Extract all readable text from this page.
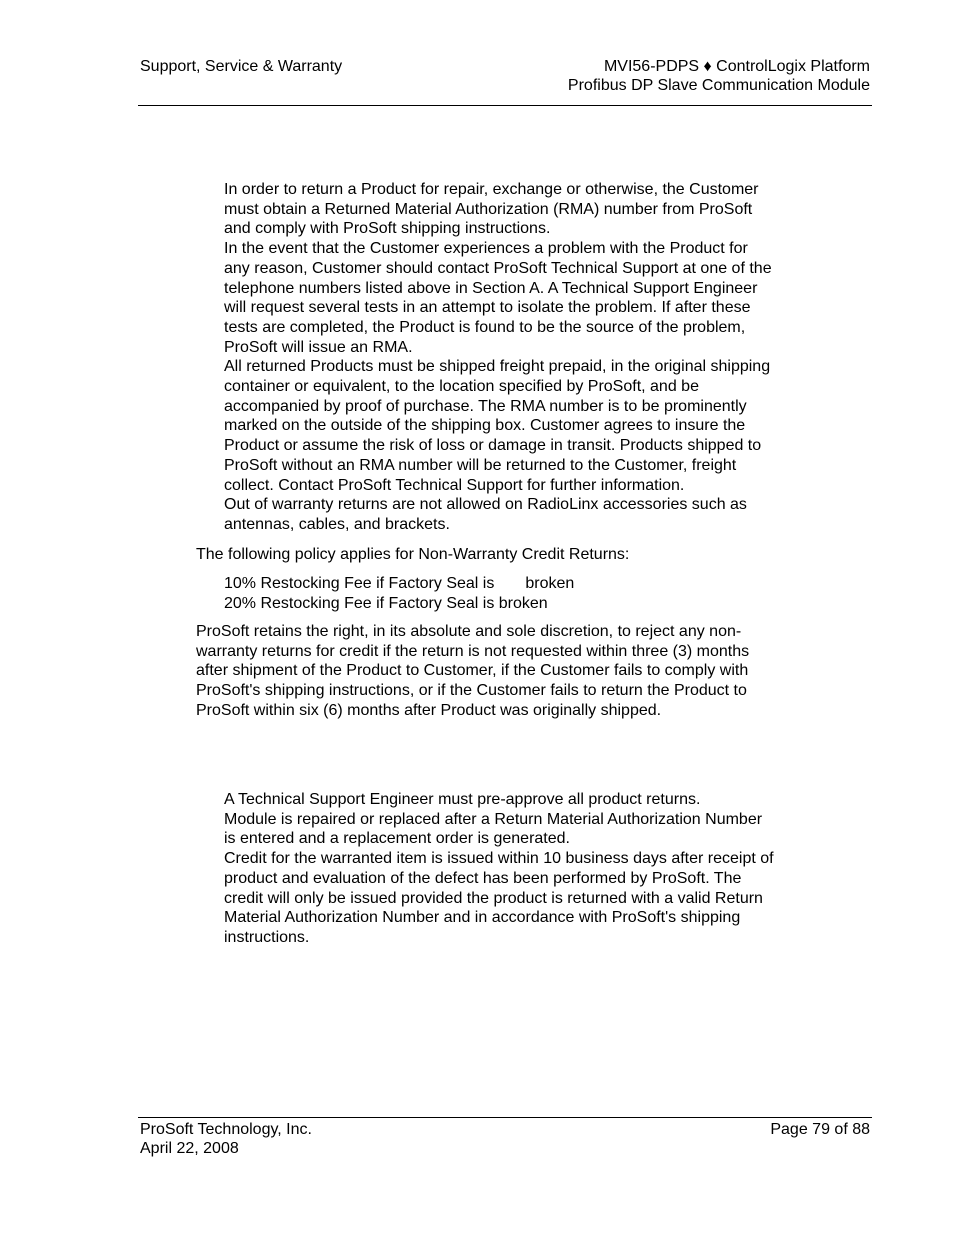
Support, Service & Warranty	MVI56-PDPS ♦ ControlLogix Platform
Profibus DP Slave Communication Module
In order to return a Product for repair, exchange or otherwise, the Customer
must obtain a Returned Material Authorization (RMA) number from ProSoft
and comply with ProSoft shipping instructions.
In the event that the Customer experiences a problem with the Product for
any reason, Customer should contact ProSoft Technical Support at one of the
telephone numbers listed above in Section A. A Technical Support Engineer
will request several tests in an attempt to isolate the problem. If after these
tests are completed, the Product is found to be the source of the problem,
ProSoft will issue an RMA.
All returned Products must be shipped freight prepaid, in the original shipping
container or equivalent, to the location specified by ProSoft, and be
accompanied by proof of purchase. The RMA number is to be prominently
marked on the outside of the shipping box. Customer agrees to insure the
Product or assume the risk of loss or damage in transit. Products shipped to
ProSoft without an RMA number will be returned to the Customer, freight
collect. Contact ProSoft Technical Support for further information.
Out of warranty returns are not allowed on RadioLinx accessories such as
antennas, cables, and brackets.
The following policy applies for Non-Warranty Credit Returns:
10% Restocking Fee if Factory Seal is broken
20% Restocking Fee if Factory Seal is broken
ProSoft retains the right, in its absolute and sole discretion, to reject any non-
warranty returns for credit if the return is not requested within three (3) months
after shipment of the Product to Customer, if the Customer fails to comply with
ProSoft's shipping instructions, or if the Customer fails to return the Product to
ProSoft within six (6) months after Product was originally shipped.
A Technical Support Engineer must pre-approve all product returns.
Module is repaired or replaced after a Return Material Authorization Number
is entered and a replacement order is generated.
Credit for the warranted item is issued within 10 business days after receipt of
product and evaluation of the defect has been performed by ProSoft. The
credit will only be issued provided the product is returned with a valid Return
Material Authorization Number and in accordance with ProSoft's shipping
instructions.
ProSoft Technology, Inc.
April 22, 2008
Page 79 of 88
